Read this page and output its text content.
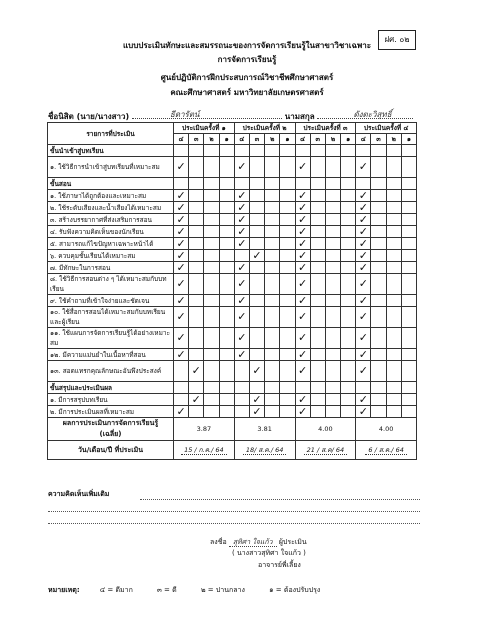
แบบประเมินทักษะและสมรรถนะของการจัดการเรียนรู้ในสาขาวิชาเฉพาะ
การจัดการเรียนรู้
ศูนย์ปฏิบัติการฝึกประสบการณ์วิชาชีพศึกษาศาสตร์
คณะศึกษาศาสตร์ มหาวิทยาลัยเกษตรศาสตร์
ฝศ. ๐๒
ชื่อนิสิต (นาย/นางสาว)	ธีดารัตน์	นามสกุล	ดังตะวิสุทธิ์
รายการที่ประเมิน	ประเมินครั้งที่ ๑				ประเมินครั้งที่ ๒				ประเมินครั้งที่ ๓				ประเมินครั้งที่ ๔			
	๔	๓	๒	๑	๔	๓	๒	๑	๔	๓	๒	๑	๔	๓	๒	๑
ขั้นนำเข้าสู่บทเรียน																
๑. ใช้วิธีการนำเข้าสู่บทเรียนที่เหมาะสม	✓				✓				✓				✓			
ขั้นสอน																
๑. ใช้ภาษาได้ถูกต้องและเหมาะสม	✓				✓				✓				✓			
๒. ใช้ระดับเสียงและน้ำเสียงได้เหมาะสม	✓				✓				✓				✓			
๓. สร้างบรรยากาศที่ส่งเสริมการสอน	✓				✓				✓				✓			
๔. รับฟังความคิดเห็นของนักเรียน	✓				✓				✓				✓			
๕. สามารถแก้ไขปัญหาเฉพาะหน้าได้	✓				✓				✓				✓			
๖. ควบคุมชั้นเรียนได้เหมาะสม	✓					✓			✓				✓			
๗. มีทักษะในการสอน	✓				✓				✓				✓			
๘. ใช้วิธีการสอนต่าง ๆ ได้เหมาะสมกับบทเรียน	✓				✓				✓				✓			
๙. ใช้คำถามที่เข้าใจง่ายและชัดเจน	✓				✓				✓				✓			
๑๐. ใช้สื่อการสอนได้เหมาะสมกับบทเรียนและผู้เรียน	✓				✓				✓				✓			
๑๑. ใช้แผนการจัดการเรียนรู้ได้อย่างเหมาะสม	✓				✓				✓				✓			
๑๒. มีความแม่นยำในเนื้อหาที่สอน	✓				✓				✓				✓			
๑๓. สอดแทรกคุณลักษณะอันพึงประสงค์		✓				✓			✓				✓			
ขั้นสรุปและประเมินผล																
๑. มีการสรุปบทเรียน		✓				✓			✓				✓			
๒. มีการประเมินผลที่เหมาะสม	✓					✓			✓				✓			

ผลการประเมินการจัดการเรียนรู้
(เฉลี่ย)	3.87				3.81				4.00				4.00			
วัน/เดือน/ปี ที่ประเมิน	15 / ก.ค./ 64				18/ ส.ค./ 64				21 / ส.ค/ 64				6 / ส.ค./ 64			
ความคิดเห็นเพิ่มเติม
ลงชื่อ สุทิศา ใจแก้ว ผู้ประเมิน
( นางสาวสุทิศา ใจแก้ว )
อาจารย์พี่เลี้ยง
หมายเหตุ:	๔ = ดีมาก	๓ = ดี	๒ = ปานกลาง	๑ = ต้องปรับปรุง
